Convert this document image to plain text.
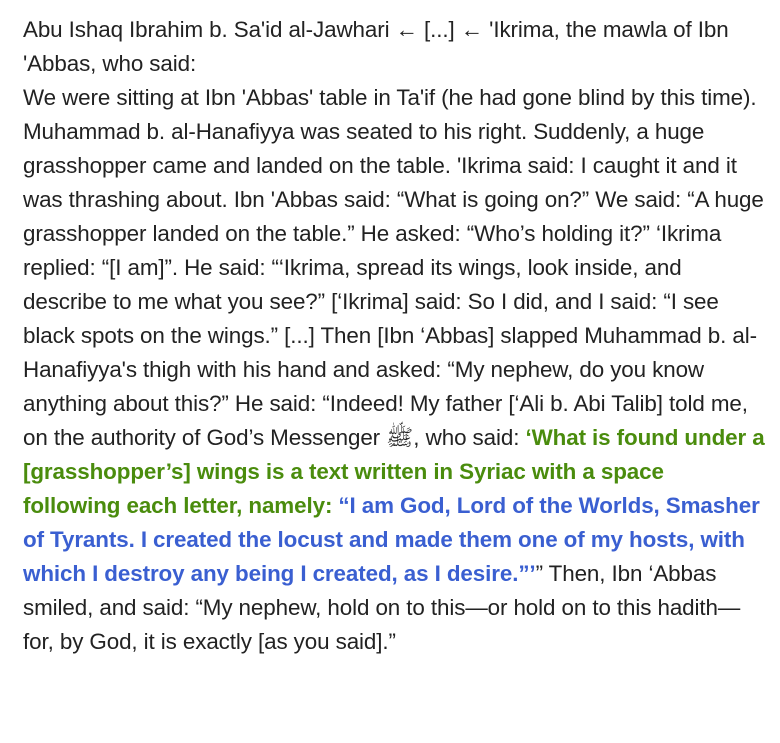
Abu Ishaq Ibrahim b. Sa'id al-Jawhari ← [...] ← 'Ikrima, the mawla of Ibn 'Abbas, who said:
We were sitting at Ibn 'Abbas' table in Ta'if (he had gone blind by this time). Muhammad b. al-Hanafiyya was seated to his right. Suddenly, a huge grasshopper came and landed on the table. 'Ikrima said: I caught it and it was thrashing about. Ibn 'Abbas said: “What is going on?” We said: “A huge grasshopper landed on the table.” He asked: “Who’s holding it?” ‘Ikrima replied: “[I am]”. He said: “‘Ikrima, spread its wings, look inside, and describe to me what you see?” [‘Ikrima] said: So I did, and I said: “I see black spots on the wings.” [...] Then [Ibn ‘Abbas] slapped Muhammad b. al-Hanafiyya's thigh with his hand and asked: “My nephew, do you know anything about this?” He said: “Indeed! My father [‘Ali b. Abi Talib] told me, on the authority of God’s Messenger ﷺ, who said: ‘What is found under a [grasshopper’s] wings is a text written in Syriac with a space following each letter, namely: “I am God, Lord of the Worlds, Smasher of Tyrants. I created the locust and made them one of my hosts, with which I destroy any being I created, as I desire.”’” Then, Ibn ‘Abbas smiled, and said: “My nephew, hold on to this—or hold on to this hadith— for, by God, it is exactly [as you said].”
